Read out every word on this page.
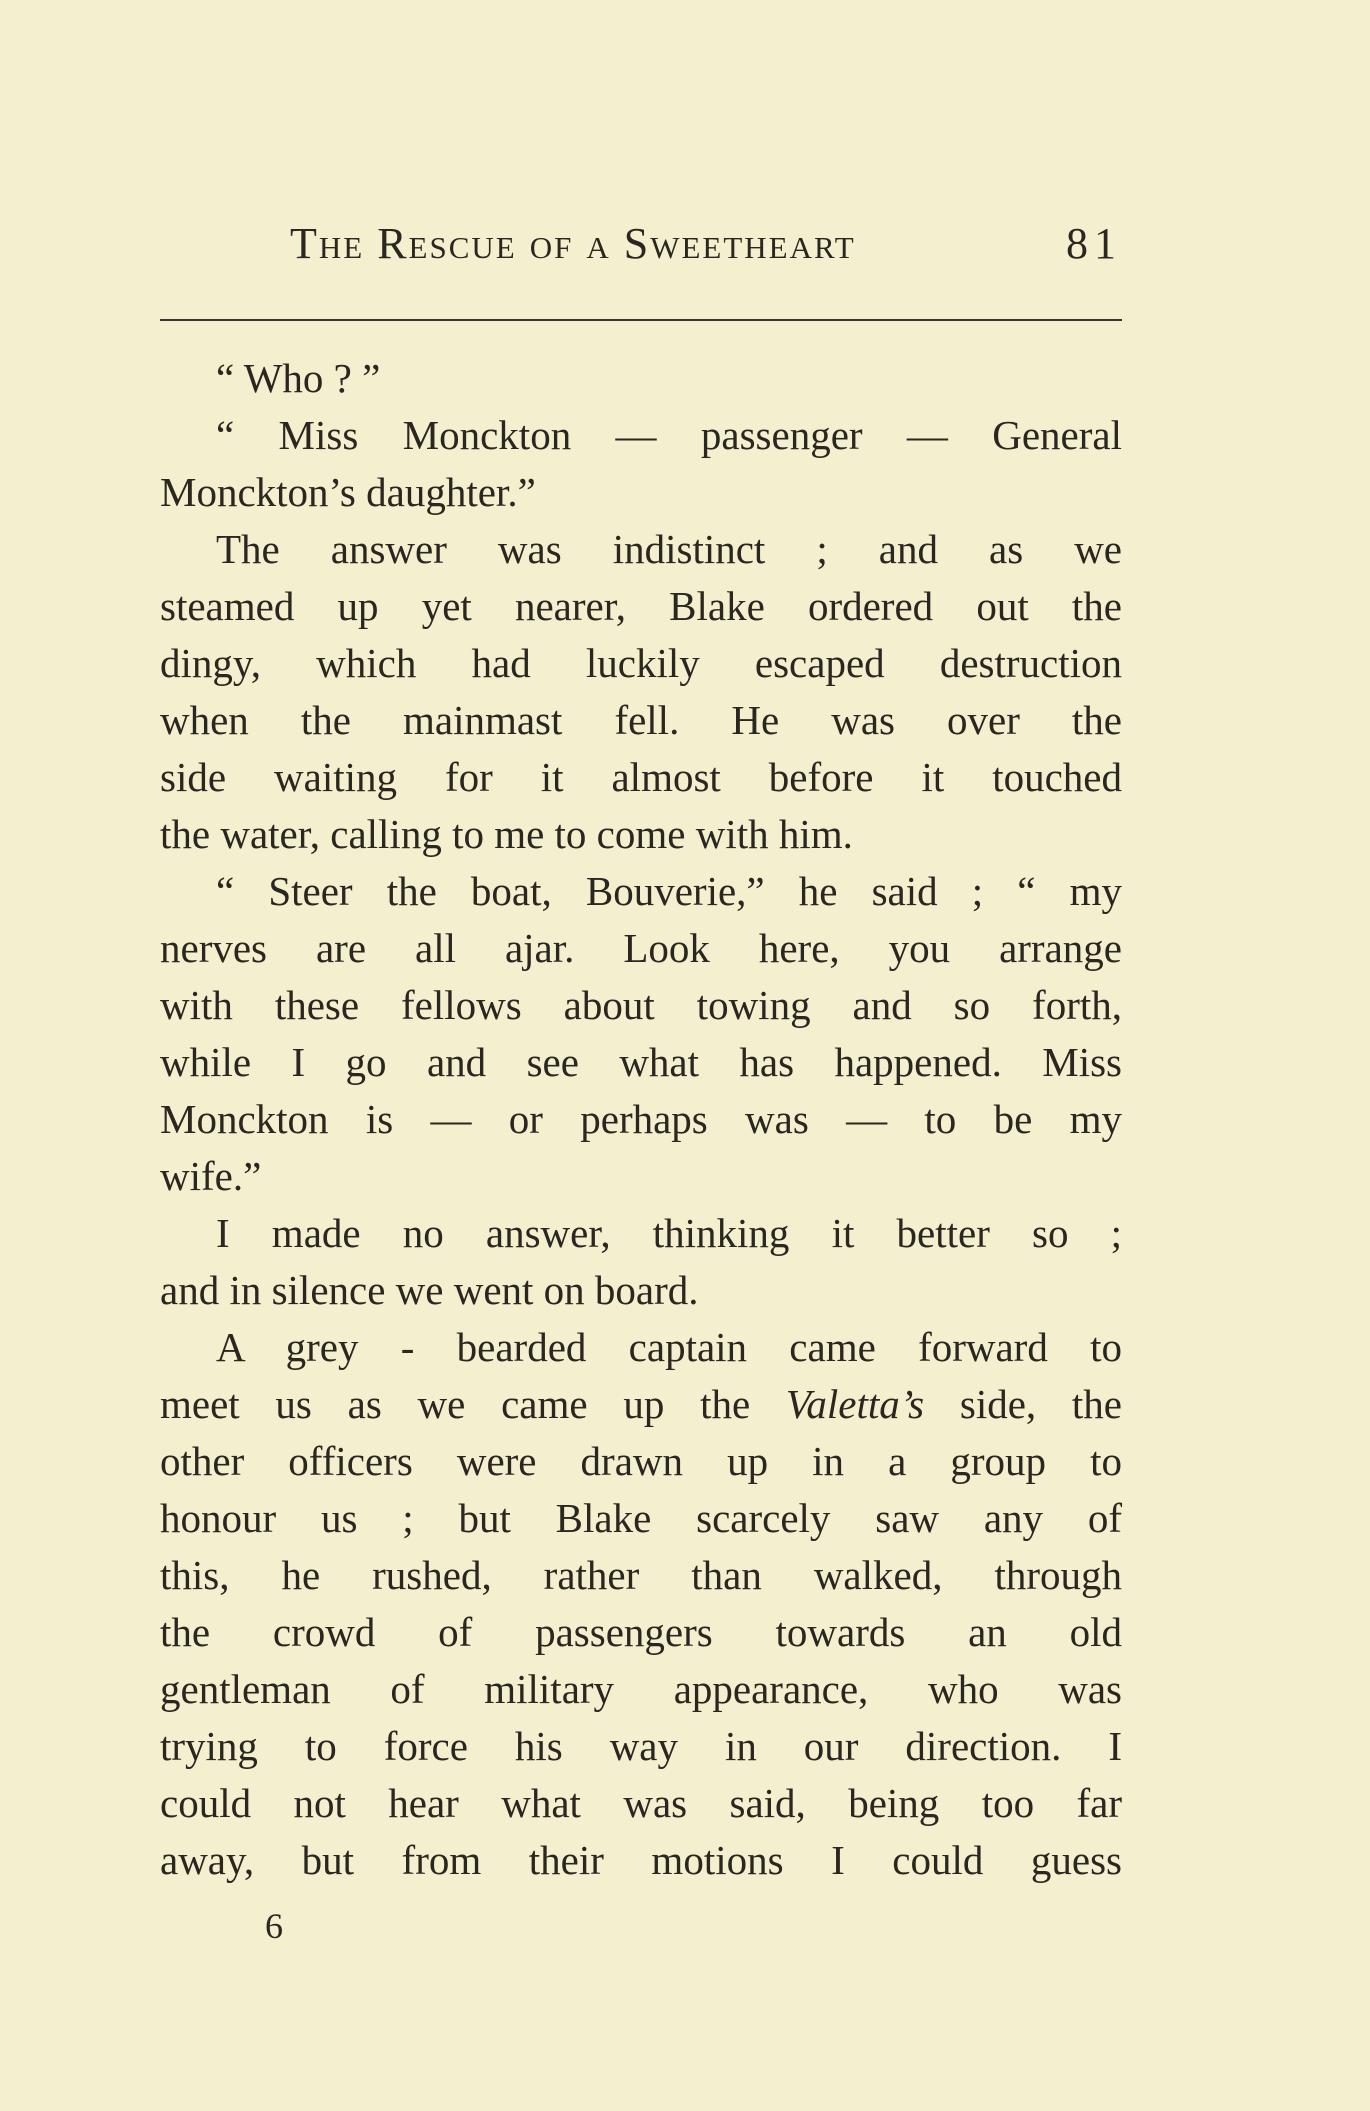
The Rescue of a Sweetheart	81
“ Who ? ”
“ Miss Monckton — passenger — General
Monckton’s daughter.”
The answer was indistinct ; and as we
steamed up yet nearer, Blake ordered out the
dingy, which had luckily escaped destruction
when the mainmast fell. He was over the
side waiting for it almost before it touched
the water, calling to me to come with him.
“ Steer the boat, Bouverie,” he said ; “ my
nerves are all ajar. Look here, you arrange
with these fellows about towing and so forth,
while I go and see what has happened. Miss
Monckton is — or perhaps was — to be my
wife.”
I made no answer, thinking it better so ;
and in silence we went on board.
A grey - bearded captain came forward to
meet us as we came up the Valetta’s side, the
other officers were drawn up in a group to
honour us ; but Blake scarcely saw any of
this, he rushed, rather than walked, through
the crowd of passengers towards an old
gentleman of military appearance, who was
trying to force his way in our direction. I
could not hear what was said, being too far
away, but from their motions I could guess
6
